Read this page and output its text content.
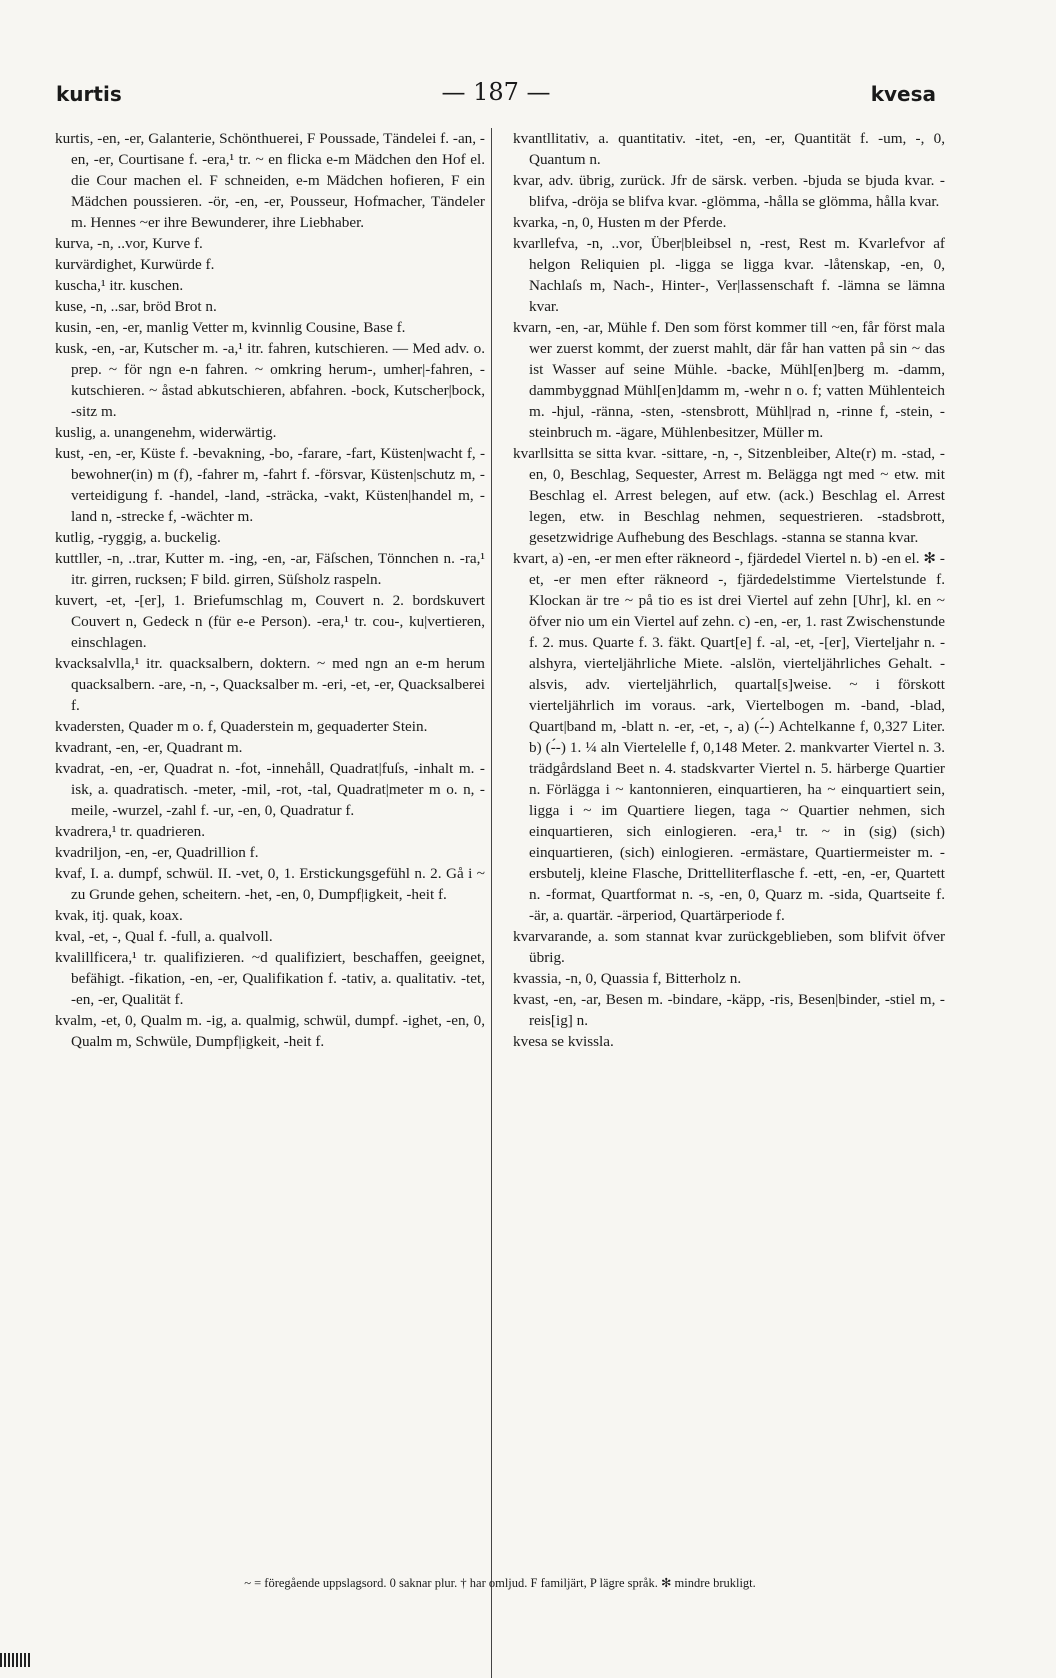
kurtis	— 187 —	kvesa

kurtis, -en, -er, Galanterie, Schönthuerei, F Poussade, Tändelei f. -an, -en, -er, Courtisane f. -era,¹ tr. ~ en flicka e-m Mädchen den Hof el. die Cour machen el. F schneiden, e-m Mädchen hofieren, F ein Mädchen poussieren. -ör, -en, -er, Pousseur, Hofmacher, Tändeler m. Hennes ~er ihre Bewunderer, ihre Liebhaber.

kurva, -n, ..vor, Kurve f.

kurvärdighet, Kurwürde f.

kuscha,¹ itr. kuschen.

kuse, -n, ..sar, bröd Brot n.

kusin, -en, -er, manlig Vetter m, kvinnlig Cousine, Base f.

kusk, -en, -ar, Kutscher m. -a,¹ itr. fahren, kutschieren. — Med adv. o. prep. ~ för ngn e-n fahren. ~ omkring herum-, umher|-fahren, -kutschieren. ~ åstad abkutschieren, abfahren. -bock, Kutscher|bock, -sitz m.

kuslig, a. unangenehm, widerwärtig.

kust, -en, -er, Küste f. -bevakning, -bo, -farare, -fart, Küsten|wacht f, -bewohner(in) m (f), -fahrer m, -fahrt f. -försvar, Küsten|schutz m, -verteidigung f. -handel, -land, -sträcka, -vakt, Küsten|handel m, -land n, -strecke f, -wächter m.

kutlig, -ryggig, a. buckelig.

kuttller, -n, ..trar, Kutter m. -ing, -en, -ar, Fäſschen, Tönnchen n. -ra,¹ itr. girren, rucksen; F bild. girren, Süſsholz raspeln.

kuvert, -et, -[er], 1. Briefumschlag m, Couvert n. 2. bordskuvert Couvert n, Gedeck n (für e-e Person). -era,¹ tr. cou-, ku|vertieren, einschlagen.

kvacksalvlla,¹ itr. quacksalbern, doktern. ~ med ngn an e-m herum quacksalbern. -are, -n, -, Quacksalber m. -eri, -et, -er, Quacksalberei f.

kvadersten, Quader m o. f, Quaderstein m, gequaderter Stein.

kvadrant, -en, -er, Quadrant m.

kvadrat, -en, -er, Quadrat n. -fot, -innehåll, Quadrat|fuſs, -inhalt m. -isk, a. quadratisch. -meter, -mil, -rot, -tal, Quadrat|meter m o. n, -meile, -wurzel, -zahl f. -ur, -en, 0, Quadratur f.

kvadrera,¹ tr. quadrieren.

kvadriljon, -en, -er, Quadrillion f.

kvaf, I. a. dumpf, schwül. II. -vet, 0, 1. Erstickungsgefühl n. 2. Gå i ~ zu Grunde gehen, scheitern. -het, -en, 0, Dumpf|igkeit, -heit f.

kvak, itj. quak, koax.

kval, -et, -, Qual f. -full, a. qualvoll.

kvalillficera,¹ tr. qualifizieren. ~d qualifiziert, beschaffen, geeignet, befähigt. -fikation, -en, -er, Qualifikation f. -tativ, a. qualitativ. -tet, -en, -er, Qualität f.

kvalm, -et, 0, Qualm m. -ig, a. qualmig, schwül, dumpf. -ighet, -en, 0, Qualm m, Schwüle, Dumpf|igkeit, -heit f.

kvantllitativ, a. quantitativ. -itet, -en, -er, Quantität f. -um, -, 0, Quantum n.

kvar, adv. übrig, zurück. Jfr de särsk. verben. -bjuda se bjuda kvar. -blifva, -dröja se blifva kvar. -glömma, -hålla se glömma, hålla kvar.

kvarka, -n, 0, Husten m der Pferde.

kvarllefva, -n, ..vor, Über|bleibsel n, -rest, Rest m. Kvarlefvor af helgon Reliquien pl. -ligga se ligga kvar. -låtenskap, -en, 0, Nachlaſs m, Nach-, Hinter-, Ver|lassenschaft f. -lämna se lämna kvar.

kvarn, -en, -ar, Mühle f. Den som först kommer till ~en, får först mala wer zuerst kommt, der zuerst mahlt, där får han vatten på sin ~ das ist Wasser auf seine Mühle. -backe, Mühl[en]berg m. -damm, dammbyggnad Mühl[en]damm m, -wehr n o. f; vatten Mühlenteich m. -hjul, -ränna, -sten, -stensbrott, Mühl|rad n, -rinne f, -stein, -steinbruch m. -ägare, Mühlenbesitzer, Müller m.

kvarllsitta se sitta kvar. -sittare, -n, -, Sitzenbleiber, Alte(r) m. -stad, -en, 0, Beschlag, Sequester, Arrest m. Belägga ngt med ~ etw. mit Beschlag el. Arrest belegen, auf etw. (ack.) Beschlag el. Arrest legen, etw. in Beschlag nehmen, sequestrieren. -stadsbrott, gesetzwidrige Aufhebung des Beschlags. -stanna se stanna kvar.

kvart, a) -en, -er men efter räkneord -, fjärdedel Viertel n. b) -en el. ✻ -et, -er men efter räkneord -, fjärdedelstimme Viertelstunde f. Klockan är tre ~ på tio es ist drei Viertel auf zehn [Uhr], kl. en ~ öfver nio um ein Viertel auf zehn. c) -en, -er, 1. rast Zwischenstunde f. 2. mus. Quarte f. 3. fäkt. Quart[e] f. -al, -et, -[er], Vierteljahr n. -alshyra, vierteljährliche Miete. -alslön, vierteljährliches Gehalt. -alsvis, adv. vierteljährlich, quartal[s]weise. ~ i förskott vierteljährlich im voraus. -ark, Viertelbogen m. -band, -blad, Quart|band m, -blatt n. -er, -et, -, a) (-́-) Achtelkanne f, 0,327 Liter. b) (-́-) 1. ¼ aln Viertelelle f, 0,148 Meter. 2. mankvarter Viertel n. 3. trädgårdsland Beet n. 4. stadskvarter Viertel n. 5. härberge Quartier n. Förlägga i ~ kantonnieren, einquartieren, ha ~ einquartiert sein, ligga i ~ im Quartiere liegen, taga ~ Quartier nehmen, sich einquartieren, sich einlogieren. -era,¹ tr. ~ in (sig) (sich) einquartieren, (sich) einlogieren. -ermästare, Quartiermeister m. -ersbutelj, kleine Flasche, Drittelliterflasche f. -ett, -en, -er, Quartett n. -format, Quartformat n. -s, -en, 0, Quarz m. -sida, Quartseite f. -är, a. quartär. -ärperiod, Quartärperiode f.

kvarvarande, a. som stannat kvar zurückgeblieben, som blifvit öfver übrig.

kvassia, -n, 0, Quassia f, Bitterholz n.

kvast, -en, -ar, Besen m. -bindare, -käpp, -ris, Besen|binder, -stiel m, -reis[ig] n.

kvesa se kvissla.

~ = föregående uppslagsord. 0 saknar plur. † har omljud. F familjärt, P lägre språk. ✻ mindre brukligt.
